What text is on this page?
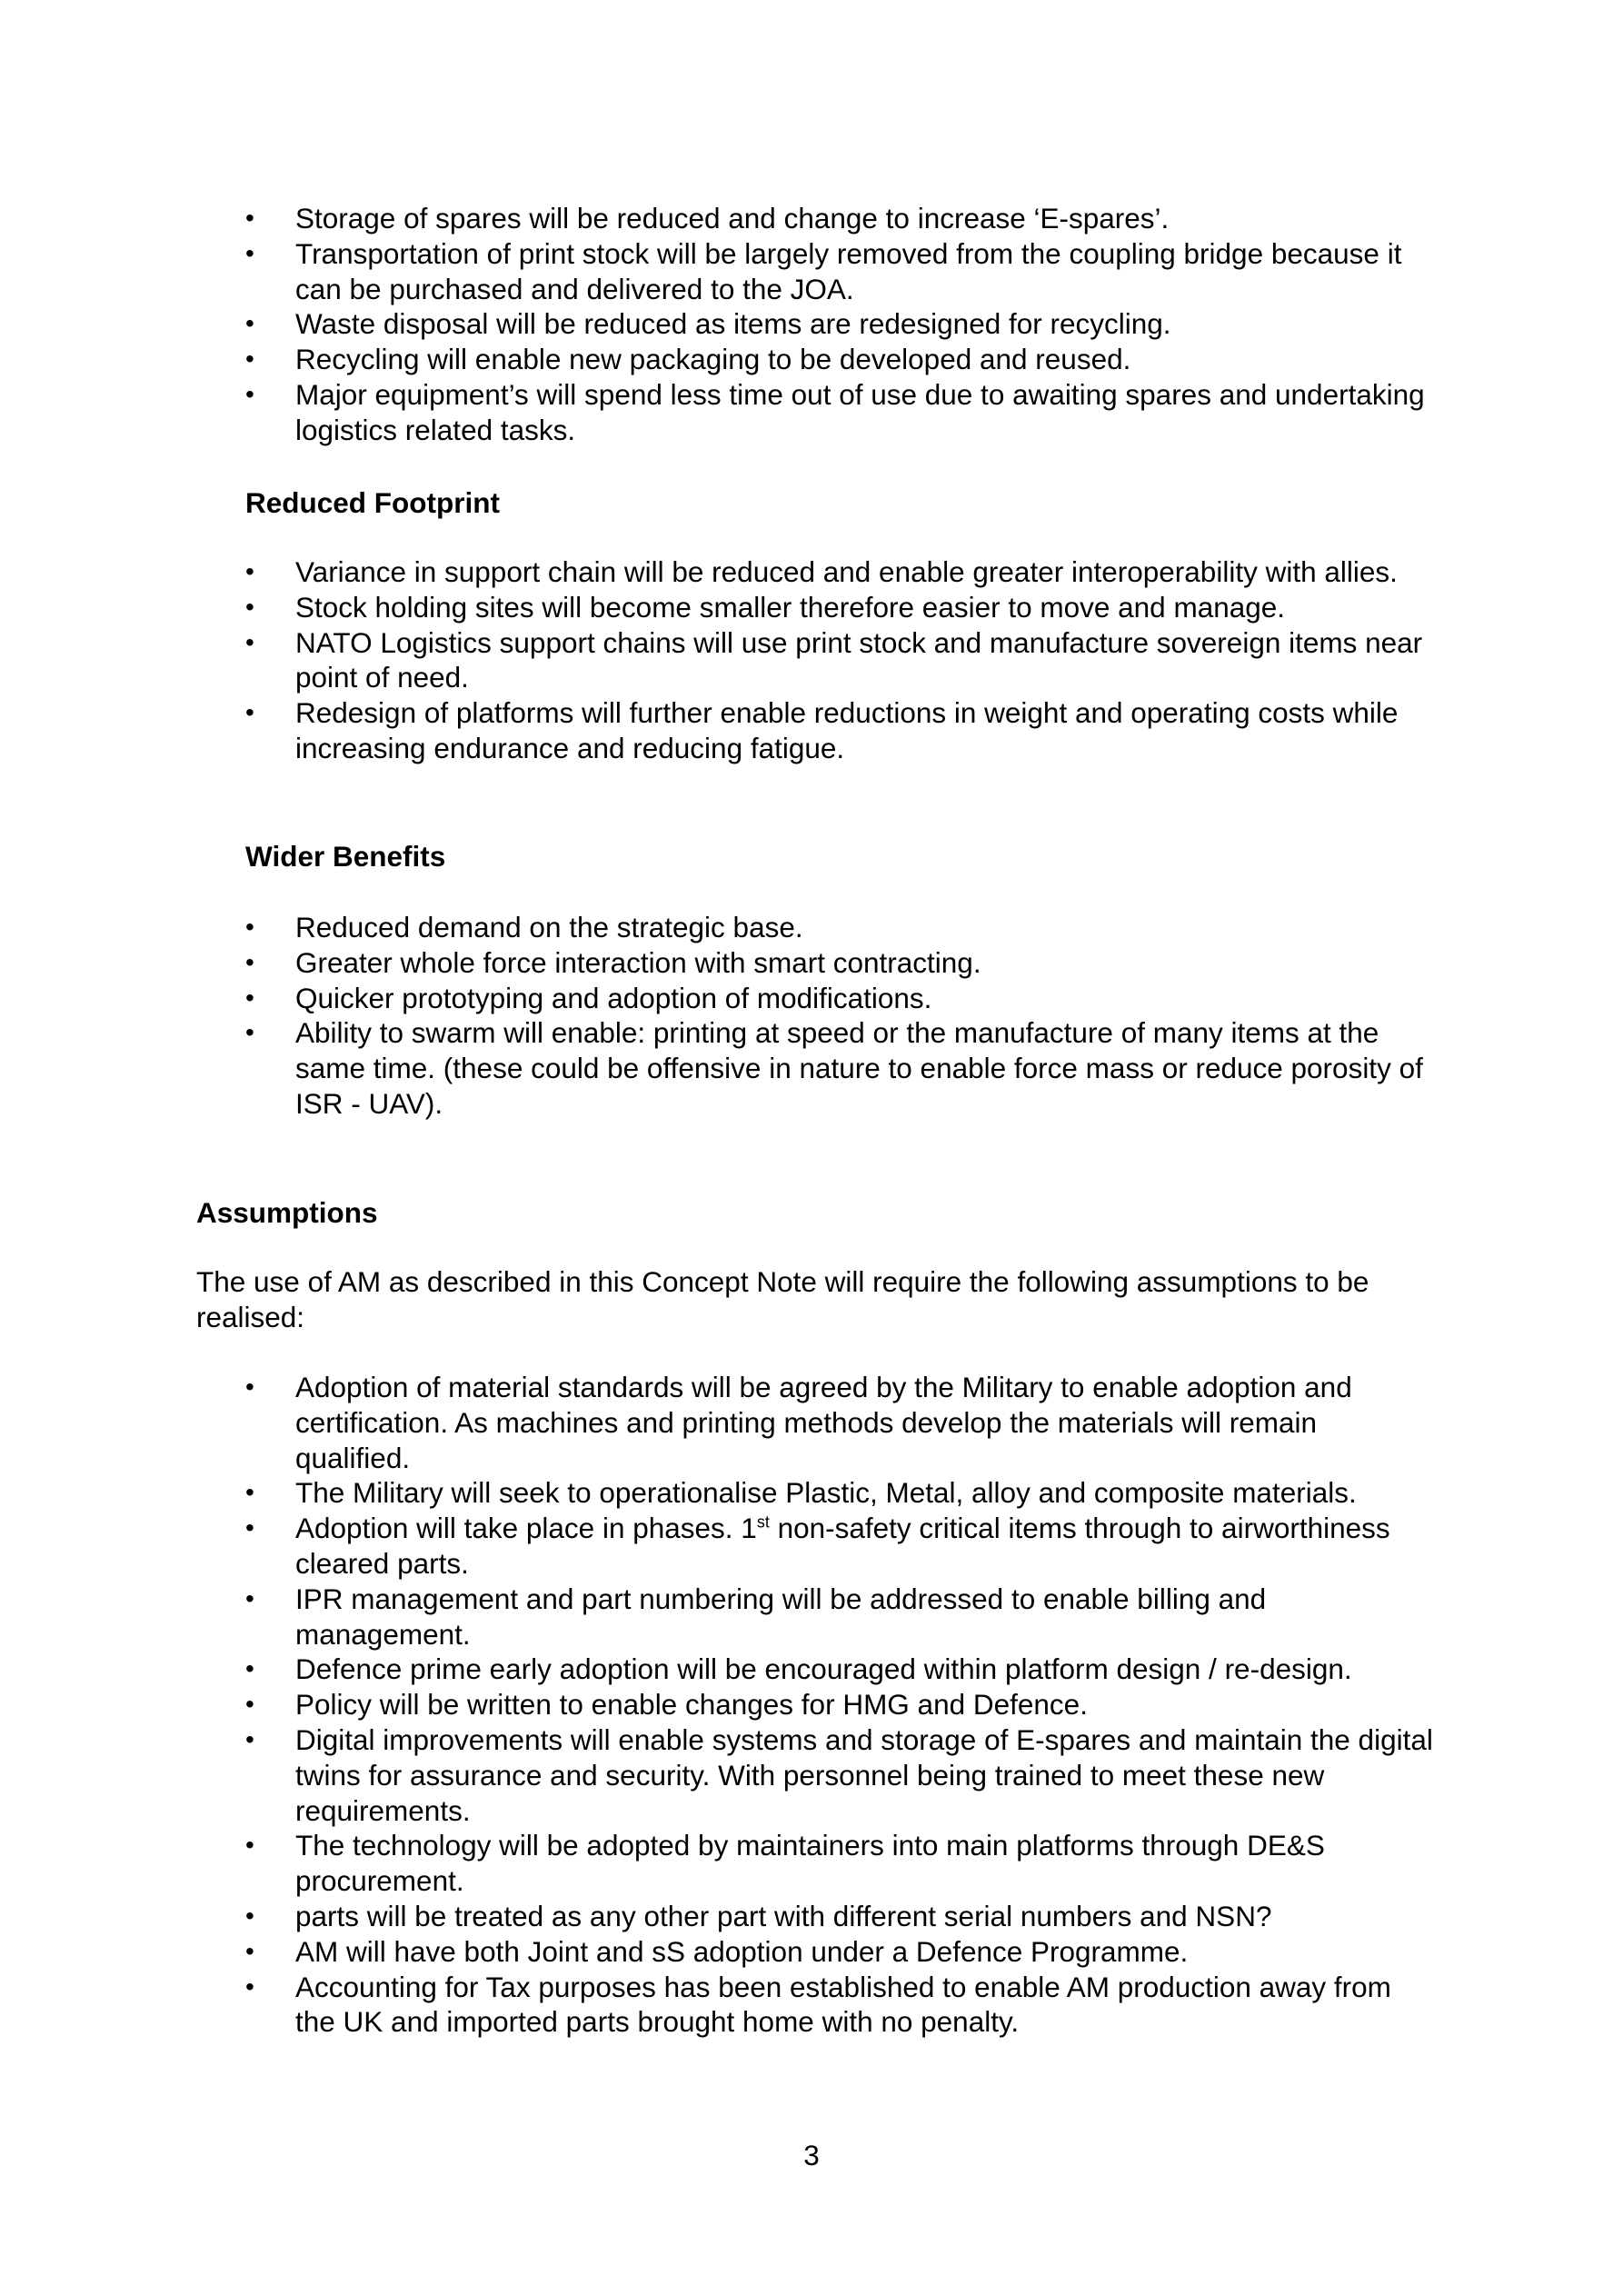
•	Storage of spares will be reduced and change to increase ‘E-spares’.
•	Transportation of print stock will be largely removed from the coupling bridge because it can be purchased and delivered to the JOA.
•	Waste disposal will be reduced as items are redesigned for recycling.
•	Recycling will enable new packaging to be developed and reused.
•	Major equipment’s will spend less time out of use due to awaiting spares and undertaking logistics related tasks.

Reduced Footprint

•	Variance in support chain will be reduced and enable greater interoperability with allies.
•	Stock holding sites will become smaller therefore easier to move and manage.
•	NATO Logistics support chains will use print stock and manufacture sovereign items near point of need.
•	Redesign of platforms will further enable reductions in weight and operating costs while increasing endurance and reducing fatigue.

Wider Benefits

•	Reduced demand on the strategic base.
•	Greater whole force interaction with smart contracting.
•	Quicker prototyping and adoption of modifications.
•	Ability to swarm will enable: printing at speed or the manufacture of many items at the same time. (these could be offensive in nature to enable force mass or reduce porosity of ISR - UAV).

Assumptions

The use of AM as described in this Concept Note will require the following assumptions to be realised:

•	Adoption of material standards will be agreed by the Military to enable adoption and certification. As machines and printing methods develop the materials will remain qualified.
•	The Military will seek to operationalise Plastic, Metal, alloy and composite materials.
•	Adoption will take place in phases. 1st non-safety critical items through to airworthiness cleared parts.
•	IPR management and part numbering will be addressed to enable billing and management.
•	Defence prime early adoption will be encouraged within platform design / re-design.
•	Policy will be written to enable changes for HMG and Defence.
•	Digital improvements will enable systems and storage of E-spares and maintain the digital twins for assurance and security. With personnel being trained to meet these new requirements.
•	The technology will be adopted by maintainers into main platforms through DE&S procurement.
•	parts will be treated as any other part with different serial numbers and NSN?
•	AM will have both Joint and sS adoption under a Defence Programme.
•	Accounting for Tax purposes has been established to enable AM production away from the UK and imported parts brought home with no penalty.
3
